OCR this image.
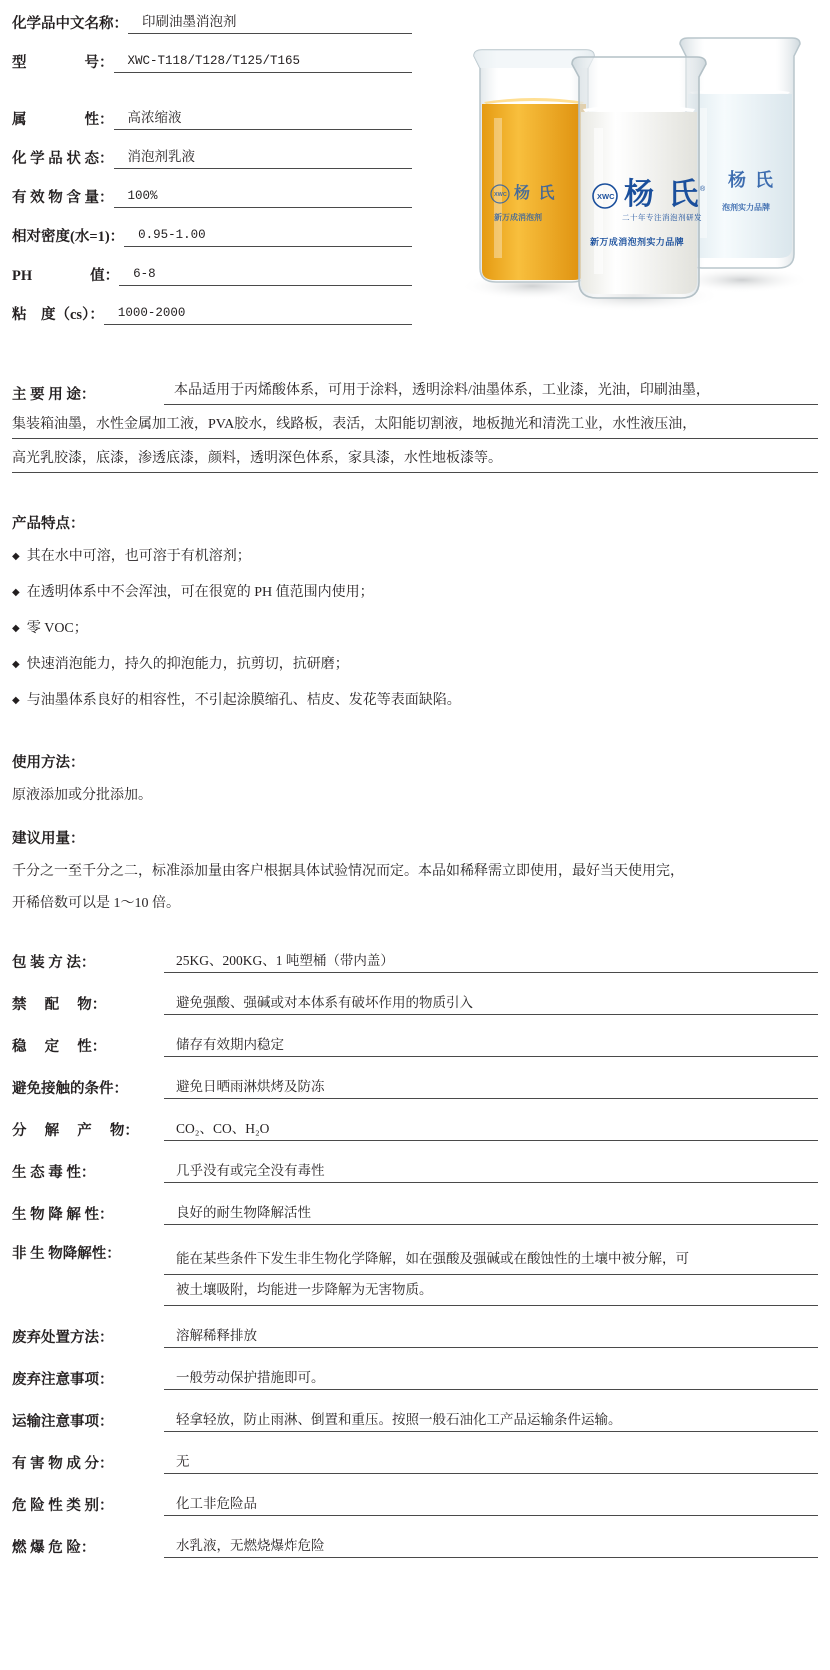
化学品中文名称：	印刷油墨消泡剂
型　　　　号：	XWC-T118/T128/T125/T165
属　　　　性：	高浓缩液
化 学 品 状 态：	消泡剂乳液
有 效 物 含 量：	100%
相对密度(水=1)：	0.95-1.00
PH　　　　值：	6-8
粘　度（cs）：	1000-2000
杨 氏
®
二十年专注消泡剂研发
新万成消泡剂实力品牌
XWC
杨 氏
XWC
新万成消泡剂
杨 氏
泡剂实力品牌
主 要 用 途：	本品适用于丙烯酸体系，可用于涂料，透明涂料/油墨体系，工业漆，光油，印刷油墨，
集装箱油墨，水性金属加工液，PVA胶水，线路板，表活，太阳能切割液，地板抛光和清洗工业，水性液压油，
高光乳胶漆，底漆，渗透底漆，颜料，透明深色体系，家具漆，水性地板漆等。
产品特点：
◆ 其在水中可溶，也可溶于有机溶剂；
◆ 在透明体系中不会浑浊，可在很宽的 PH 值范围内使用；
◆ 零 VOC；
◆ 快速消泡能力，持久的抑泡能力，抗剪切，抗研磨；
◆ 与油墨体系良好的相容性，不引起涂膜缩孔、桔皮、发花等表面缺陷。
使用方法：
原液添加或分批添加。
建议用量：
千分之一至千分之二，标准添加量由客户根据具体试验情况而定。本品如稀释需立即使用，最好当天使用完，
开稀倍数可以是 1～10 倍。
包 装 方 法：	25KG、200KG、1 吨塑桶（带内盖）
禁　 配　 物：	避免强酸、强碱或对本体系有破坏作用的物质引入
稳　 定　 性：	储存有效期内稳定
避免接触的条件：	避免日晒雨淋烘烤及防冻
分 　解 　产 　物：	CO₂、CO、H₂O
生 态 毒 性：	几乎没有或完全没有毒性
生 物 降 解 性：	良好的耐生物降解活性
非 生 物降解性：	能在某些条件下发生非生物化学降解，如在强酸及强碱或在酸蚀性的土壤中被分解，可
被土壤吸附，均能进一步降解为无害物质。
废弃处置方法：	溶解稀释排放
废弃注意事项：	一般劳动保护措施即可。
运输注意事项：	轻拿轻放，防止雨淋、倒置和重压。按照一般石油化工产品运输条件运输。
有 害 物 成 分：	无
危 险 性 类 别：	化工非危险品
燃 爆 危 险：	水乳液，无燃烧爆炸危险
